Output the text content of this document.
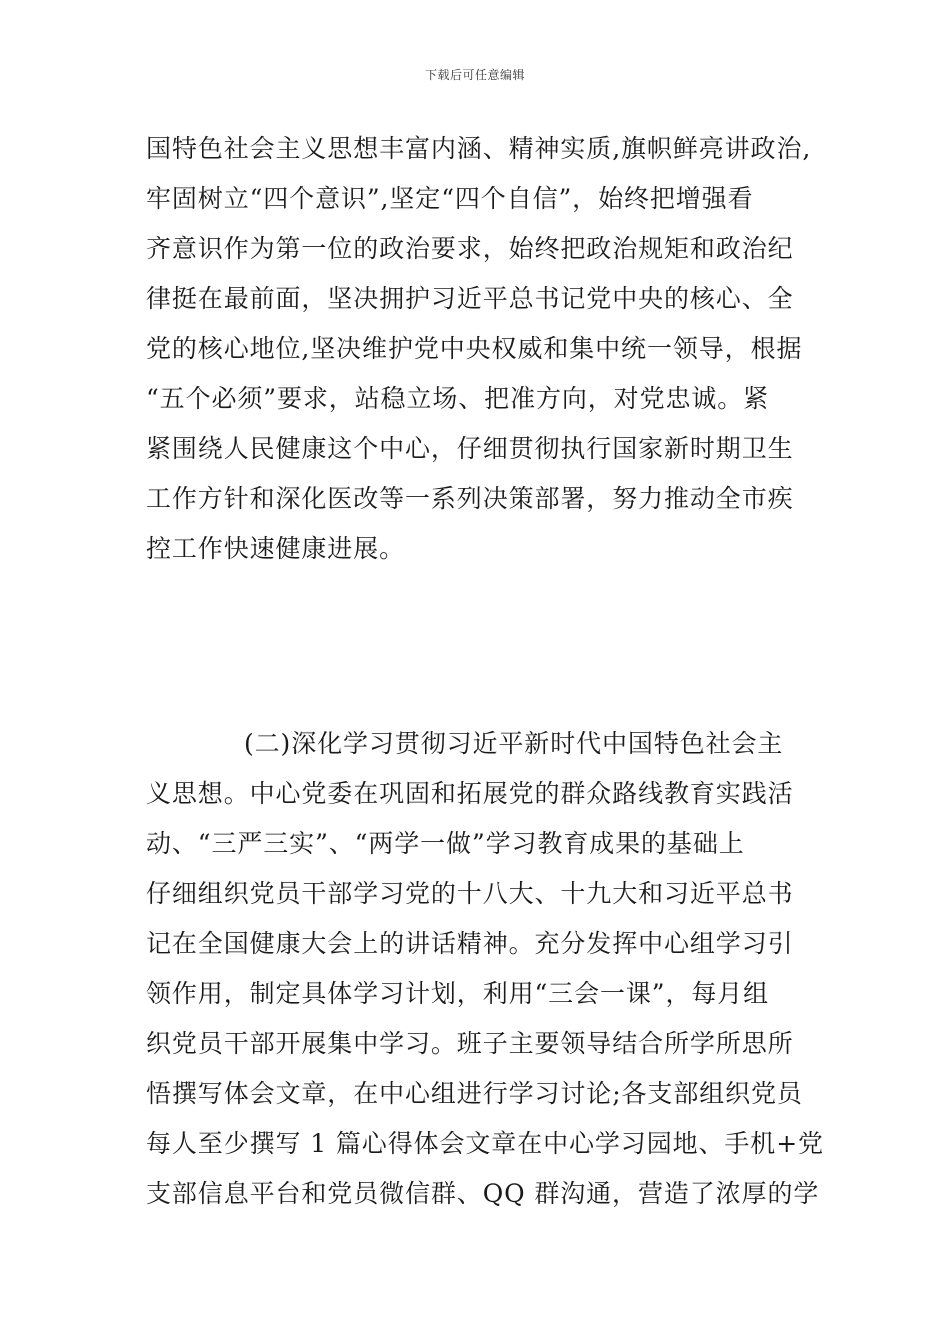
下载后可任意编辑
国特色社会主义思想丰富内涵、精神实质,旗帜鲜亮讲政治,
牢固树立“四个意识”,坚定“四个自信”，始终把增强看
齐意识作为第一位的政治要求，始终把政治规矩和政治纪
律挺在最前面，坚决拥护习近平总书记党中央的核心、全
党的核心地位,坚决维护党中央权威和集中统一领导，根据
“五个必须”要求，站稳立场、把准方向，对党忠诚。紧
紧围绕人民健康这个中心，仔细贯彻执行国家新时期卫生
工作方针和深化医改等一系列决策部署，努力推动全市疾
控工作快速健康进展。
(二)深化学习贯彻习近平新时代中国特色社会主
义思想。中心党委在巩固和拓展党的群众路线教育实践活
动、“三严三实”、“两学一做”学习教育成果的基础上
仔细组织党员干部学习党的十八大、十九大和习近平总书
记在全国健康大会上的讲话精神。充分发挥中心组学习引
领作用，制定具体学习计划，利用“三会一课”，每月组
织党员干部开展集中学习。班子主要领导结合所学所思所
悟撰写体会文章，在中心组进行学习讨论;各支部组织党员
每人至少撰写 1 篇心得体会文章在中心学习园地、手机+党
支部信息平台和党员微信群、QQ 群沟通，营造了浓厚的学
